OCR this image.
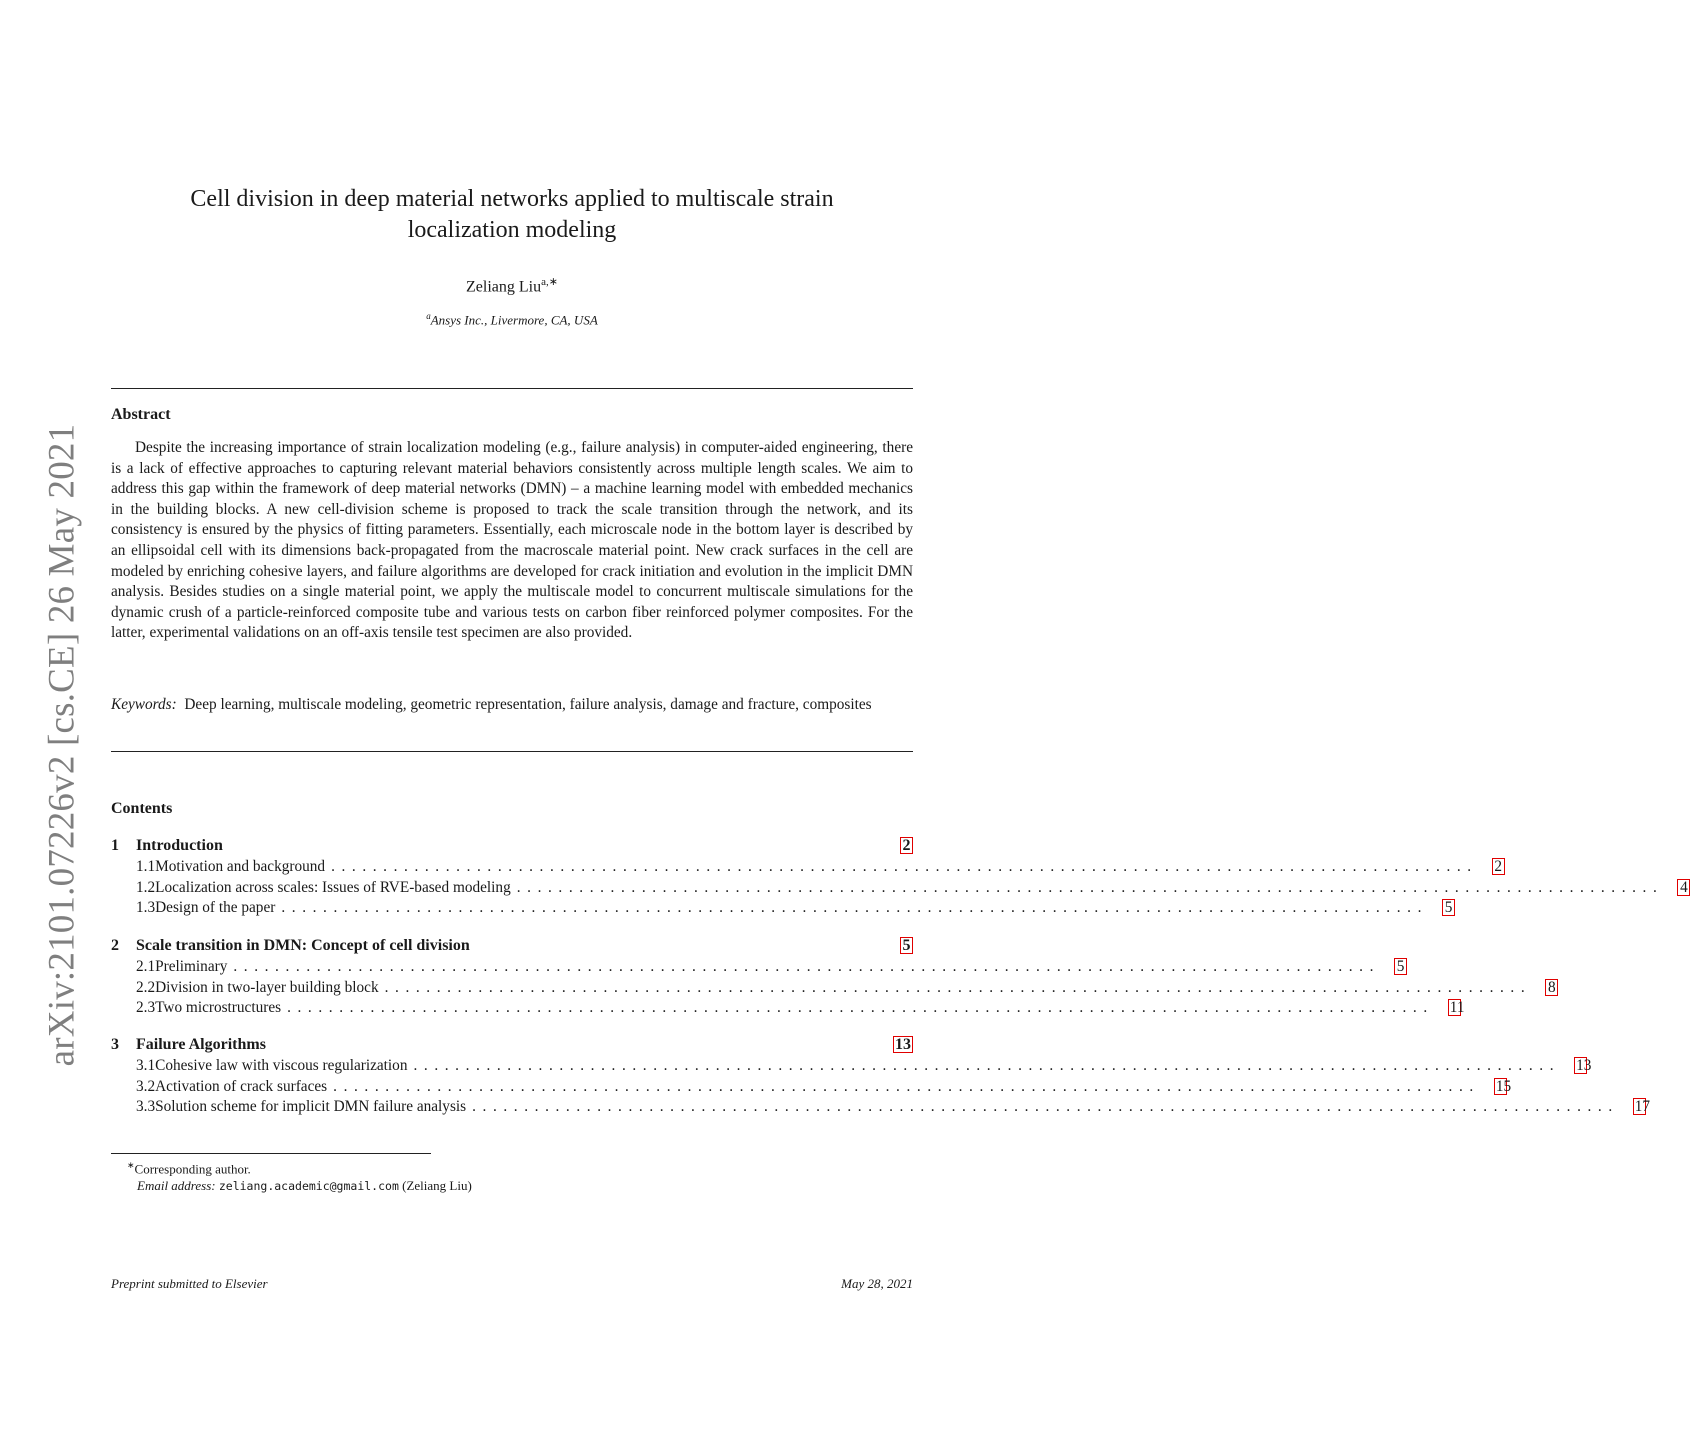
arXiv:2101.07226v2 [cs.CE] 26 May 2021
Cell division in deep material networks applied to multiscale strain
localization modeling
Zeliang Liu$^{a,∗}$
$^a$Ansys Inc., Livermore, CA, USA
Abstract
Despite the increasing importance of strain localization modeling (e.g., failure analysis) in computer-aided engineering, there is a lack of effective approaches to capturing relevant material behaviors consistently across multiple length scales. We aim to address this gap within the framework of deep material networks (DMN) – a machine learning model with embedded mechanics in the building blocks. A new cell-division scheme is proposed to track the scale transition through the network, and its consistency is ensured by the physics of fitting parameters. Essentially, each microscale node in the bottom layer is described by an ellipsoidal cell with its dimensions back-propagated from the macroscale material point. New crack surfaces in the cell are modeled by enriching cohesive layers, and failure algorithms are developed for crack initiation and evolution in the implicit DMN analysis. Besides studies on a single material point, we apply the multiscale model to concurrent multiscale simulations for the dynamic crush of a particle-reinforced composite tube and various tests on carbon fiber reinforced polymer composites. For the latter, experimental validations on an off-axis tensile test specimen are also provided.
Keywords: Deep learning, multiscale modeling, geometric representation, failure analysis, damage and fracture, composites
Contents
1	Introduction	2
1.1 Motivation and background .............................................................................................................. 2
1.2 Localization across scales: Issues of RVE-based modeling .............................................................................................................. 4
1.3 Design of the paper .............................................................................................................. 5
2	Scale transition in DMN: Concept of cell division	5
2.1 Preliminary .............................................................................................................. 5
2.2 Division in two-layer building block .............................................................................................................. 8
2.3 Two microstructures .............................................................................................................. 11
3	Failure Algorithms	13
3.1 Cohesive law with viscous regularization .............................................................................................................. 13
3.2 Activation of crack surfaces .............................................................................................................. 15
3.3 Solution scheme for implicit DMN failure analysis .............................................................................................................. 17
∗Corresponding author.
Email address: zeliang.academic@gmail.com (Zeliang Liu)
Preprint submitted to Elsevier	May 28, 2021
